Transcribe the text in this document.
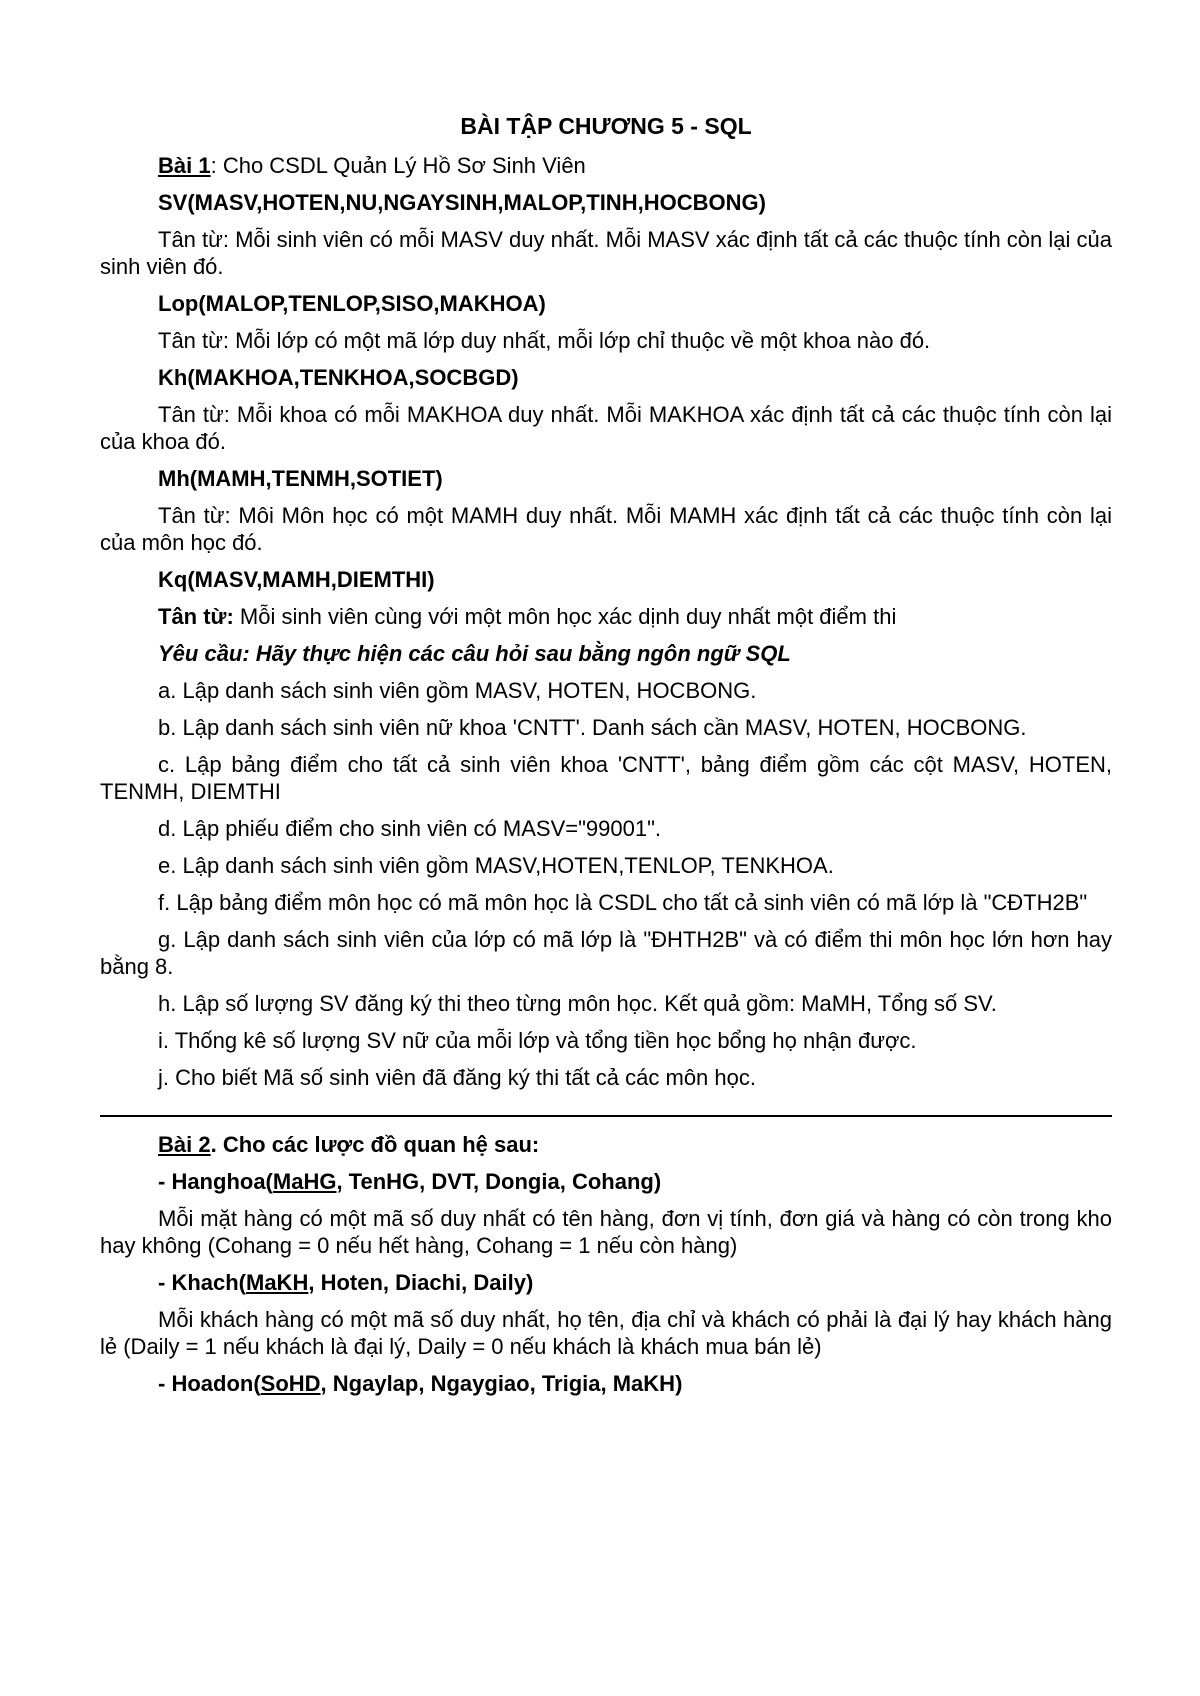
BÀI TẬP CHƯƠNG 5 - SQL
Bài 1: Cho CSDL Quản Lý Hồ Sơ Sinh Viên
SV(MASV,HOTEN,NU,NGAYSINH,MALOP,TINH,HOCBONG)
Tân từ: Mỗi sinh viên có mỗi MASV duy nhất. Mỗi MASV xác định tất cả các thuộc tính còn lại của sinh viên đó.
Lop(MALOP,TENLOP,SISO,MAKHOA)
Tân từ: Mỗi lớp có một mã lớp duy nhất, mỗi lớp chỉ thuộc về một khoa nào đó.
Kh(MAKHOA,TENKHOA,SOCBGD)
Tân từ: Mỗi khoa có mỗi MAKHOA duy nhất. Mỗi MAKHOA xác định tất cả các thuộc tính còn lại của khoa đó.
Mh(MAMH,TENMH,SOTIET)
Tân từ: Môi Môn học có một MAMH duy nhất. Mỗi MAMH xác định tất cả các thuộc tính còn lại của môn học đó.
Kq(MASV,MAMH,DIEMTHI)
Tân từ: Mỗi sinh viên cùng với một môn học xác dịnh duy nhất một điểm thi
Yêu cầu: Hãy thực hiện các câu hỏi sau bằng ngôn ngữ SQL
a. Lập danh sách sinh viên gồm MASV, HOTEN, HOCBONG.
b. Lập danh sách sinh viên nữ khoa 'CNTT'. Danh sách cần MASV, HOTEN, HOCBONG.
c. Lập bảng điểm cho tất cả sinh viên khoa 'CNTT', bảng điểm gồm các cột MASV, HOTEN, TENMH, DIEMTHI
d. Lập phiếu điểm cho sinh viên có MASV="99001".
e. Lập danh sách sinh viên gồm MASV,HOTEN,TENLOP, TENKHOA.
f. Lập bảng điểm môn học có mã môn học là CSDL cho tất cả sinh viên có mã lớp là "CĐTH2B"
g. Lập danh sách sinh viên của lớp có mã lớp là "ĐHTH2B" và có điểm thi môn học lớn hơn hay bằng 8.
h. Lập số lượng SV đăng ký thi theo từng môn học. Kết quả gồm: MaMH, Tổng số SV.
i. Thống kê số lượng SV nữ của mỗi lớp và tổng tiền học bổng họ nhận được.
j. Cho biết Mã số sinh viên đã đăng ký thi tất cả các môn học.
Bài 2. Cho các lược đồ quan hệ sau:
- Hanghoa(MaHG, TenHG, DVT, Dongia, Cohang)
Mỗi mặt hàng có một mã số duy nhất có tên hàng, đơn vị tính, đơn giá và hàng có còn trong kho hay không (Cohang = 0 nếu hết hàng, Cohang = 1 nếu còn hàng)
- Khach(MaKH, Hoten, Diachi, Daily)
Mỗi khách hàng có một mã số duy nhất, họ tên, địa chỉ và khách có phải là đại lý hay khách hàng lẻ (Daily = 1 nếu khách là đại lý, Daily = 0 nếu khách là khách mua bán lẻ)
- Hoadon(SoHD, Ngaylap, Ngaygiao, Trigia, MaKH)
